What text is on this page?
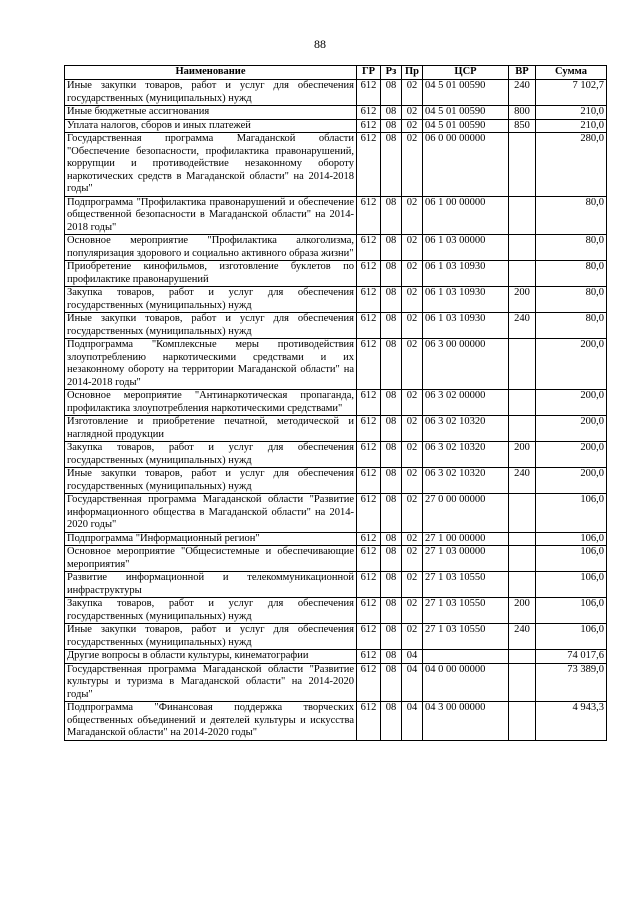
88
Наименование	ГР	Рз	Пр	ЦСР	ВР	Сумма
Иные закупки товаров, работ и услуг для обеспечения государственных (муниципальных) нужд	612	08	02	04 5 01 00590	240	7 102,7
Иные бюджетные ассигнования	612	08	02	04 5 01 00590	800	210,0
Уплата налогов, сборов и иных платежей	612	08	02	04 5 01 00590	850	210,0
Государственная программа Магаданской области "Обеспечение безопасности, профилактика правонарушений, коррупции и противодействие незаконному обороту наркотических средств в Магаданской области" на 2014-2018 годы"	612	08	02	06 0 00 00000		280,0
Подпрограмма "Профилактика правонарушений и обеспечение общественной безопасности в Магаданской области" на 2014-2018 годы"	612	08	02	06 1 00 00000		80,0
Основное мероприятие "Профилактика алкоголизма, популяризация здорового и социально активного образа жизни"	612	08	02	06 1 03 00000		80,0
Приобретение кинофильмов, изготовление буклетов по профилактике правонарушений	612	08	02	06 1 03 10930		80,0
Закупка товаров, работ и услуг для обеспечения государственных (муниципальных) нужд	612	08	02	06 1 03 10930	200	80,0
Иные закупки товаров, работ и услуг для обеспечения государственных (муниципальных) нужд	612	08	02	06 1 03 10930	240	80,0
Подпрограмма "Комплексные меры противодействия злоупотреблению наркотическими средствами и их незаконному обороту на территории Магаданской области" на 2014-2018 годы"	612	08	02	06 3 00 00000		200,0
Основное мероприятие "Антинаркотическая пропаганда, профилактика злоупотребления наркотическими средствами"	612	08	02	06 3 02 00000		200,0
Изготовление и приобретение печатной, методической и наглядной продукции	612	08	02	06 3 02 10320		200,0
Закупка товаров, работ и услуг для обеспечения государственных (муниципальных) нужд	612	08	02	06 3 02 10320	200	200,0
Иные закупки товаров, работ и услуг для обеспечения государственных (муниципальных) нужд	612	08	02	06 3 02 10320	240	200,0
Государственная программа Магаданской области "Развитие информационного общества в Магаданской области" на 2014-2020 годы"	612	08	02	27 0 00 00000		106,0
Подпрограмма "Информационный регион"	612	08	02	27 1 00 00000		106,0
Основное мероприятие "Общесистемные и обеспечивающие мероприятия"	612	08	02	27 1 03 00000		106,0
Развитие информационной и телекоммуникационной инфраструктуры	612	08	02	27 1 03 10550		106,0
Закупка товаров, работ и услуг для обеспечения государственных (муниципальных) нужд	612	08	02	27 1 03 10550	200	106,0
Иные закупки товаров, работ и услуг для обеспечения государственных (муниципальных) нужд	612	08	02	27 1 03 10550	240	106,0
Другие вопросы в области культуры, кинематографии	612	08	04			74 017,6
Государственная программа Магаданской области "Развитие культуры и туризма в Магаданской области" на 2014-2020 годы"	612	08	04	04 0 00 00000		73 389,0
Подпрограмма "Финансовая поддержка творческих общественных объединений и деятелей культуры и искусства Магаданской области" на 2014-2020 годы"	612	08	04	04 3 00 00000		4 943,3
